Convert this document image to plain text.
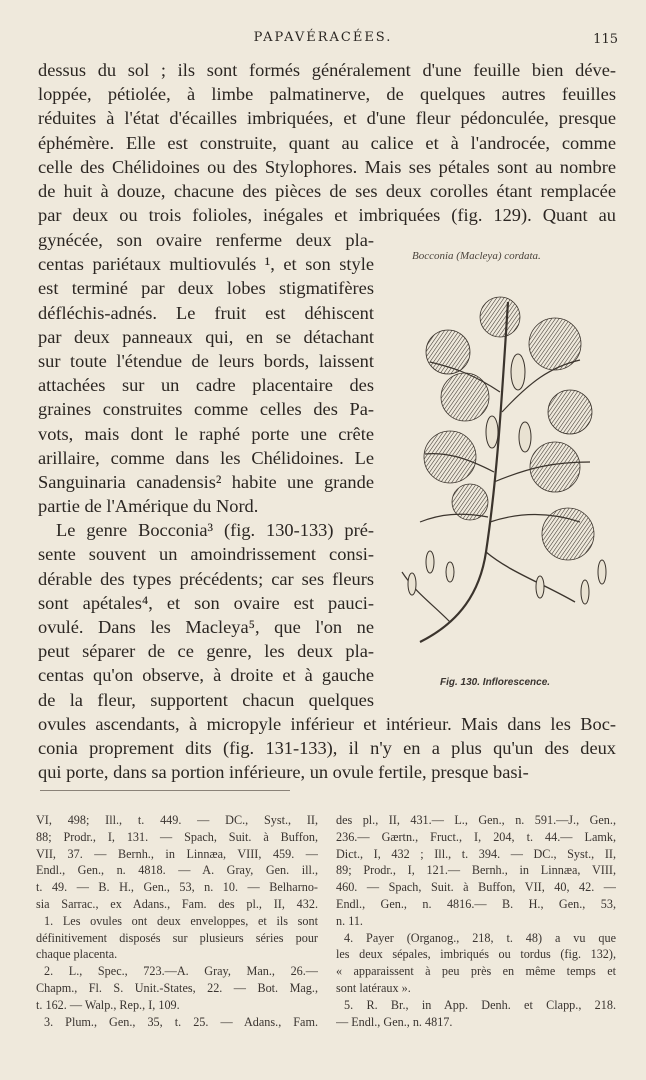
PAPAVÉRACÉES.	115
dessus du sol ; ils sont formés généralement d'une feuille bien déve-
loppée, pétiolée, à limbe palmatinerve, de quelques autres feuilles
réduites à l'état d'écailles imbriquées, et d'une fleur pédonculée, presque
éphémère. Elle est construite, quant au calice et à l'androcée, comme
celle des Chélidoines ou des Stylophores. Mais ses pétales sont au nombre
de huit à douze, chacune des pièces de ses deux corolles étant remplacée
par deux ou trois folioles, inégales et imbriquées (fig. 129). Quant au
gynécée, son ovaire renferme deux pla-
centas pariétaux multiovulés ¹, et son style
est terminé par deux lobes stigmatifères
défléchis-adnés. Le fruit est déhiscent
par deux panneaux qui, en se détachant
sur toute l'étendue de leurs bords, laissent
attachées sur un cadre placentaire des
graines construites comme celles des Pa-
vots, mais dont le raphé porte une crête
arillaire, comme dans les Chélidoines. Le
Sanguinaria canadensis² habite une grande
partie de l'Amérique du Nord.
Le genre Bocconia³ (fig. 130-133) pré-
sente souvent un amoindrissement consi-
dérable des types précédents; car ses fleurs
sont apétales⁴, et son ovaire est pauci-
ovulé. Dans les Macleya⁵, que l'on ne
peut séparer de ce genre, les deux pla-
centas qu'on observe, à droite et à gauche
de la fleur, supportent chacun quelques
ovules ascendants, à micropyle inférieur et intérieur. Mais dans les Boc-
conia proprement dits (fig. 131-133), il n'y en a plus qu'un des deux
qui porte, dans sa portion inférieure, un ovule fertile, presque basi-
Bocconia (Macleya) cordata.
Fig. 130. Inflorescence.
VI, 498; Ill., t. 449. — DC., Syst., II,
88; Prodr., I, 131. — Spach, Suit. à Buffon,
VII, 37. — Bernh., in Linnæa, VIII, 459. —
Endl., Gen., n. 4818. — A. Gray, Gen. ill.,
t. 49. — B. H., Gen., 53, n. 10. — Belharno-
sia Sarrac., ex Adans., Fam. des pl., II, 432.
1. Les ovules ont deux enveloppes, et ils sont
définitivement disposés sur plusieurs séries pour
chaque placenta.
2. L., Spec., 723.—A. Gray, Man., 26.—
Chapm., Fl. S. Unit.-States, 22. — Bot. Mag.,
t. 162. — Walp., Rep., I, 109.
3. Plum., Gen., 35, t. 25. — Adans., Fam.
des pl., II, 431.— L., Gen., n. 591.—J., Gen.,
236.— Gærtn., Fruct., I, 204, t. 44.— Lamk,
Dict., I, 432 ; Ill., t. 394. — DC., Syst., II,
89; Prodr., I, 121.— Bernh., in Linnæa, VIII,
460. — Spach, Suit. à Buffon, VII, 40, 42. —
Endl., Gen., n. 4816.— B. H., Gen., 53,
n. 11.
4. Payer (Organog., 218, t. 48) a vu que
les deux sépales, imbriqués ou tordus (fig. 132),
« apparaissent à peu près en même temps et
sont latéraux ».
5. R. Br., in App. Denh. et Clapp., 218.
— Endl., Gen., n. 4817.
